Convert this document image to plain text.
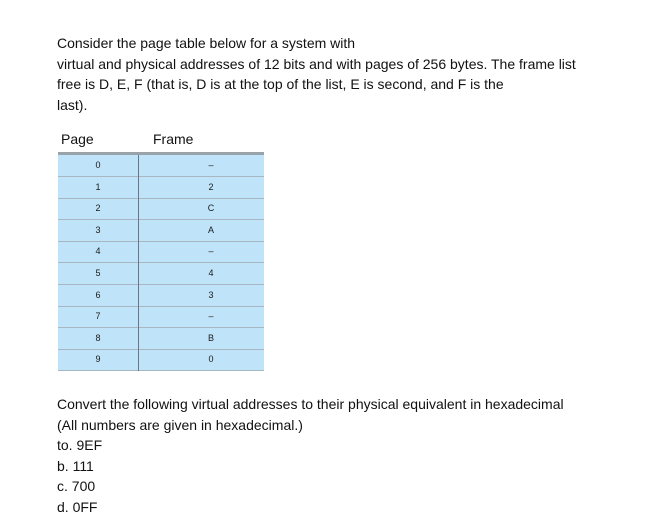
Consider the page table below for a system with
virtual and physical addresses of 12 bits and with pages of 256 bytes. The frame list
free is D, E, F (that is, D is at the top of the list, E is second, and F is the
last).
Page	Frame
0	–
1	2
2	C
3	A
4	–
5	4
6	3
7	–
8	B
9	0
Convert the following virtual addresses to their physical equivalent in hexadecimal
(All numbers are given in hexadecimal.)
to. 9EF
b. 111
c. 700
d. 0FF
